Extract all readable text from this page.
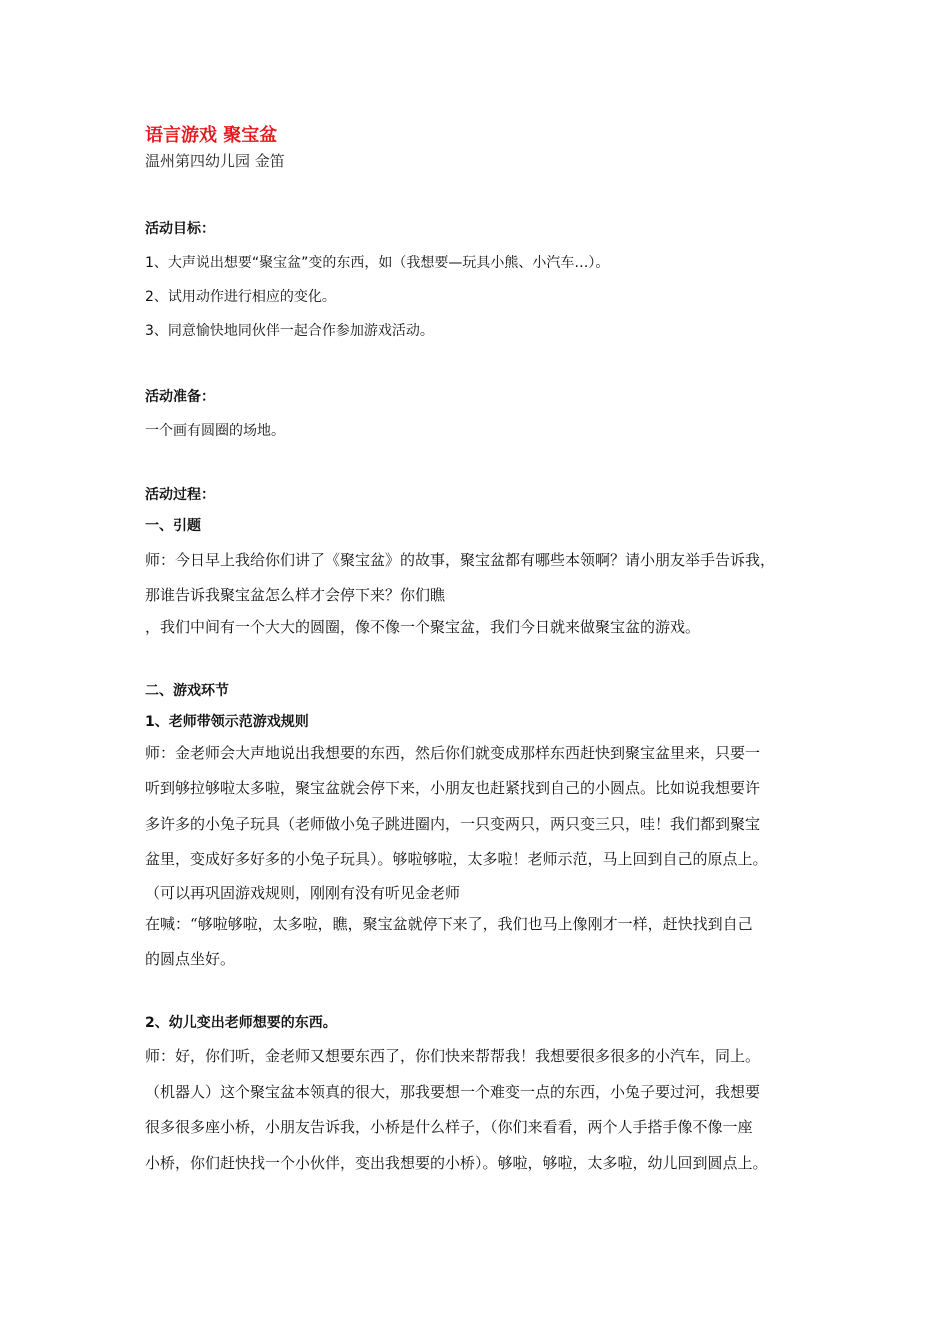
语言游戏 聚宝盆
温州第四幼儿园 金笛
活动目标：
1、大声说出想要“聚宝盆”变的东西，如（我想要—玩具小熊、小汽车…）。
2、试用动作进行相应的变化。
3、同意愉快地同伙伴一起合作参加游戏活动。
活动准备：
一个画有圆圈的场地。
活动过程：
一、引题
师：今日早上我给你们讲了《聚宝盆》的故事，聚宝盆都有哪些本领啊？请小朋友举手告诉我，
那谁告诉我聚宝盆怎么样才会停下来？你们瞧
，我们中间有一个大大的圆圈，像不像一个聚宝盆，我们今日就来做聚宝盆的游戏。
二、游戏环节
1、老师带领示范游戏规则
师：金老师会大声地说出我想要的东西，然后你们就变成那样东西赶快到聚宝盆里来，只要一
听到够拉够啦太多啦，聚宝盆就会停下来，小朋友也赶紧找到自己的小圆点。比如说我想要许
多许多的小兔子玩具（老师做小兔子跳进圈内，一只变两只，两只变三只，哇！我们都到聚宝
盆里，变成好多好多的小兔子玩具）。够啦够啦，太多啦！老师示范，马上回到自己的原点上。
（可以再巩固游戏规则，刚刚有没有听见金老师
在喊：“够啦够啦，太多啦，瞧，聚宝盆就停下来了，我们也马上像刚才一样，赶快找到自己
的圆点坐好。
2、幼儿变出老师想要的东西。
师：好，你们听，金老师又想要东西了，你们快来帮帮我！我想要很多很多的小汽车，同上。
（机器人）这个聚宝盆本领真的很大，那我要想一个难变一点的东西，小兔子要过河，我想要
很多很多座小桥，小朋友告诉我，小桥是什么样子，（你们来看看，两个人手搭手像不像一座
小桥，你们赶快找一个小伙伴，变出我想要的小桥）。够啦，够啦，太多啦，幼儿回到圆点上。
